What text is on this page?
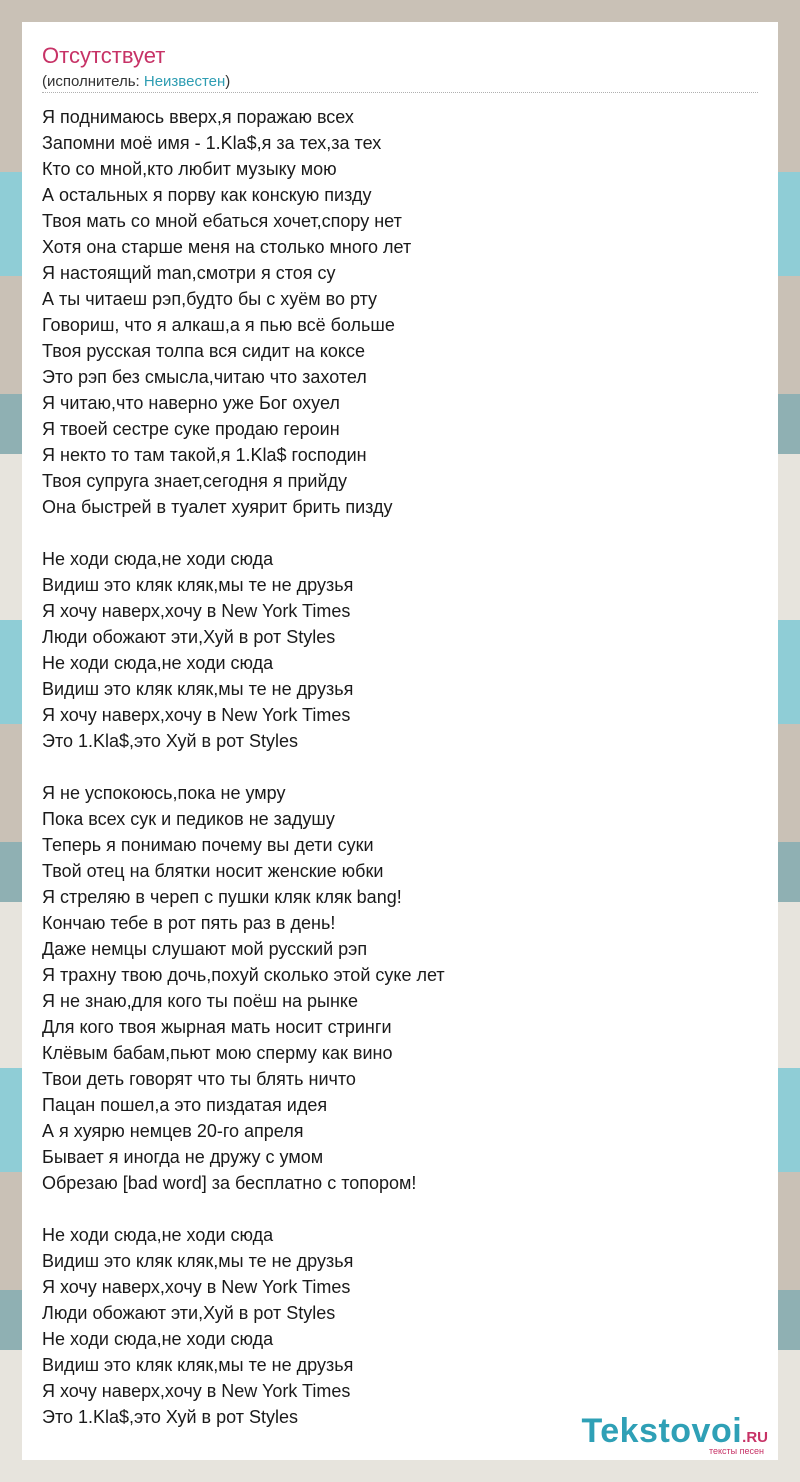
Отсутствует
(исполнитель: Неизвестен)
Я поднимаюсь вверх,я поражаю всех
Запомни моё имя - 1.Kla$,я за тех,за тех
Кто со мной,кто любит музыку мою
А остальных я порву как конскую пизду
Твоя мать со мной ебаться хочет,спору нет
Хотя она старше меня на столько много лет
Я настоящий man,смотри я стоя су
А ты читаеш рэп,будто бы с хуём во рту
Говориш, что я алкаш,а я пью всё больше
Твоя русская толпа вся сидит на коксе
Это рэп без смысла,читаю что захотел
Я читаю,что наверно уже Бог охуел
Я твоей сестре суке продаю героин
Я некто то там такой,я 1.Kla$ господин
Твоя супруга знает,сегодня я прийду
Она быстрей в туалет хуярит брить пизду
Не ходи сюда,не ходи сюда
Видиш это кляк кляк,мы те не друзья
Я хочу наверх,хочу в New York Times
Люди обожают эти,Хуй в рот Styles
Не ходи сюда,не ходи сюда
Видиш это кляк кляк,мы те не друзья
Я хочу наверх,хочу в New York Times
Это 1.Kla$,это Хуй в рот Styles
Я не успокоюсь,пока не умру
Пока всех сук и педиков не задушу
Теперь я понимаю почему вы дети суки
Твой отец на блятки носит женские юбки
Я стреляю в череп с пушки кляк кляк bang!
Кончаю тебе в рот пять раз в день!
Даже немцы слушают мой русский рэп
Я трахну твою дочь,похуй сколько этой суке лет
Я не знаю,для кого ты поёш на рынке
Для кого твоя жырная мать носит стринги
Клёвым бабам,пьют мою сперму как вино
Твои деть говорят что ты блять ничто
Пацан пошел,а это пиздатая идея
А я хуярю немцев 20-го апреля
Бывает я иногда не дружу с умом
Обрезаю [bad word] за бесплатно с топором!
Не ходи сюда,не ходи сюда
Видиш это кляк кляк,мы те не друзья
Я хочу наверх,хочу в New York Times
Люди обожают эти,Хуй в рот Styles
Не ходи сюда,не ходи сюда
Видиш это кляк кляк,мы те не друзья
Я хочу наверх,хочу в New York Times
Это 1.Kla$,это Хуй в рот Styles	Tekstovoi.RU
тексты песен
